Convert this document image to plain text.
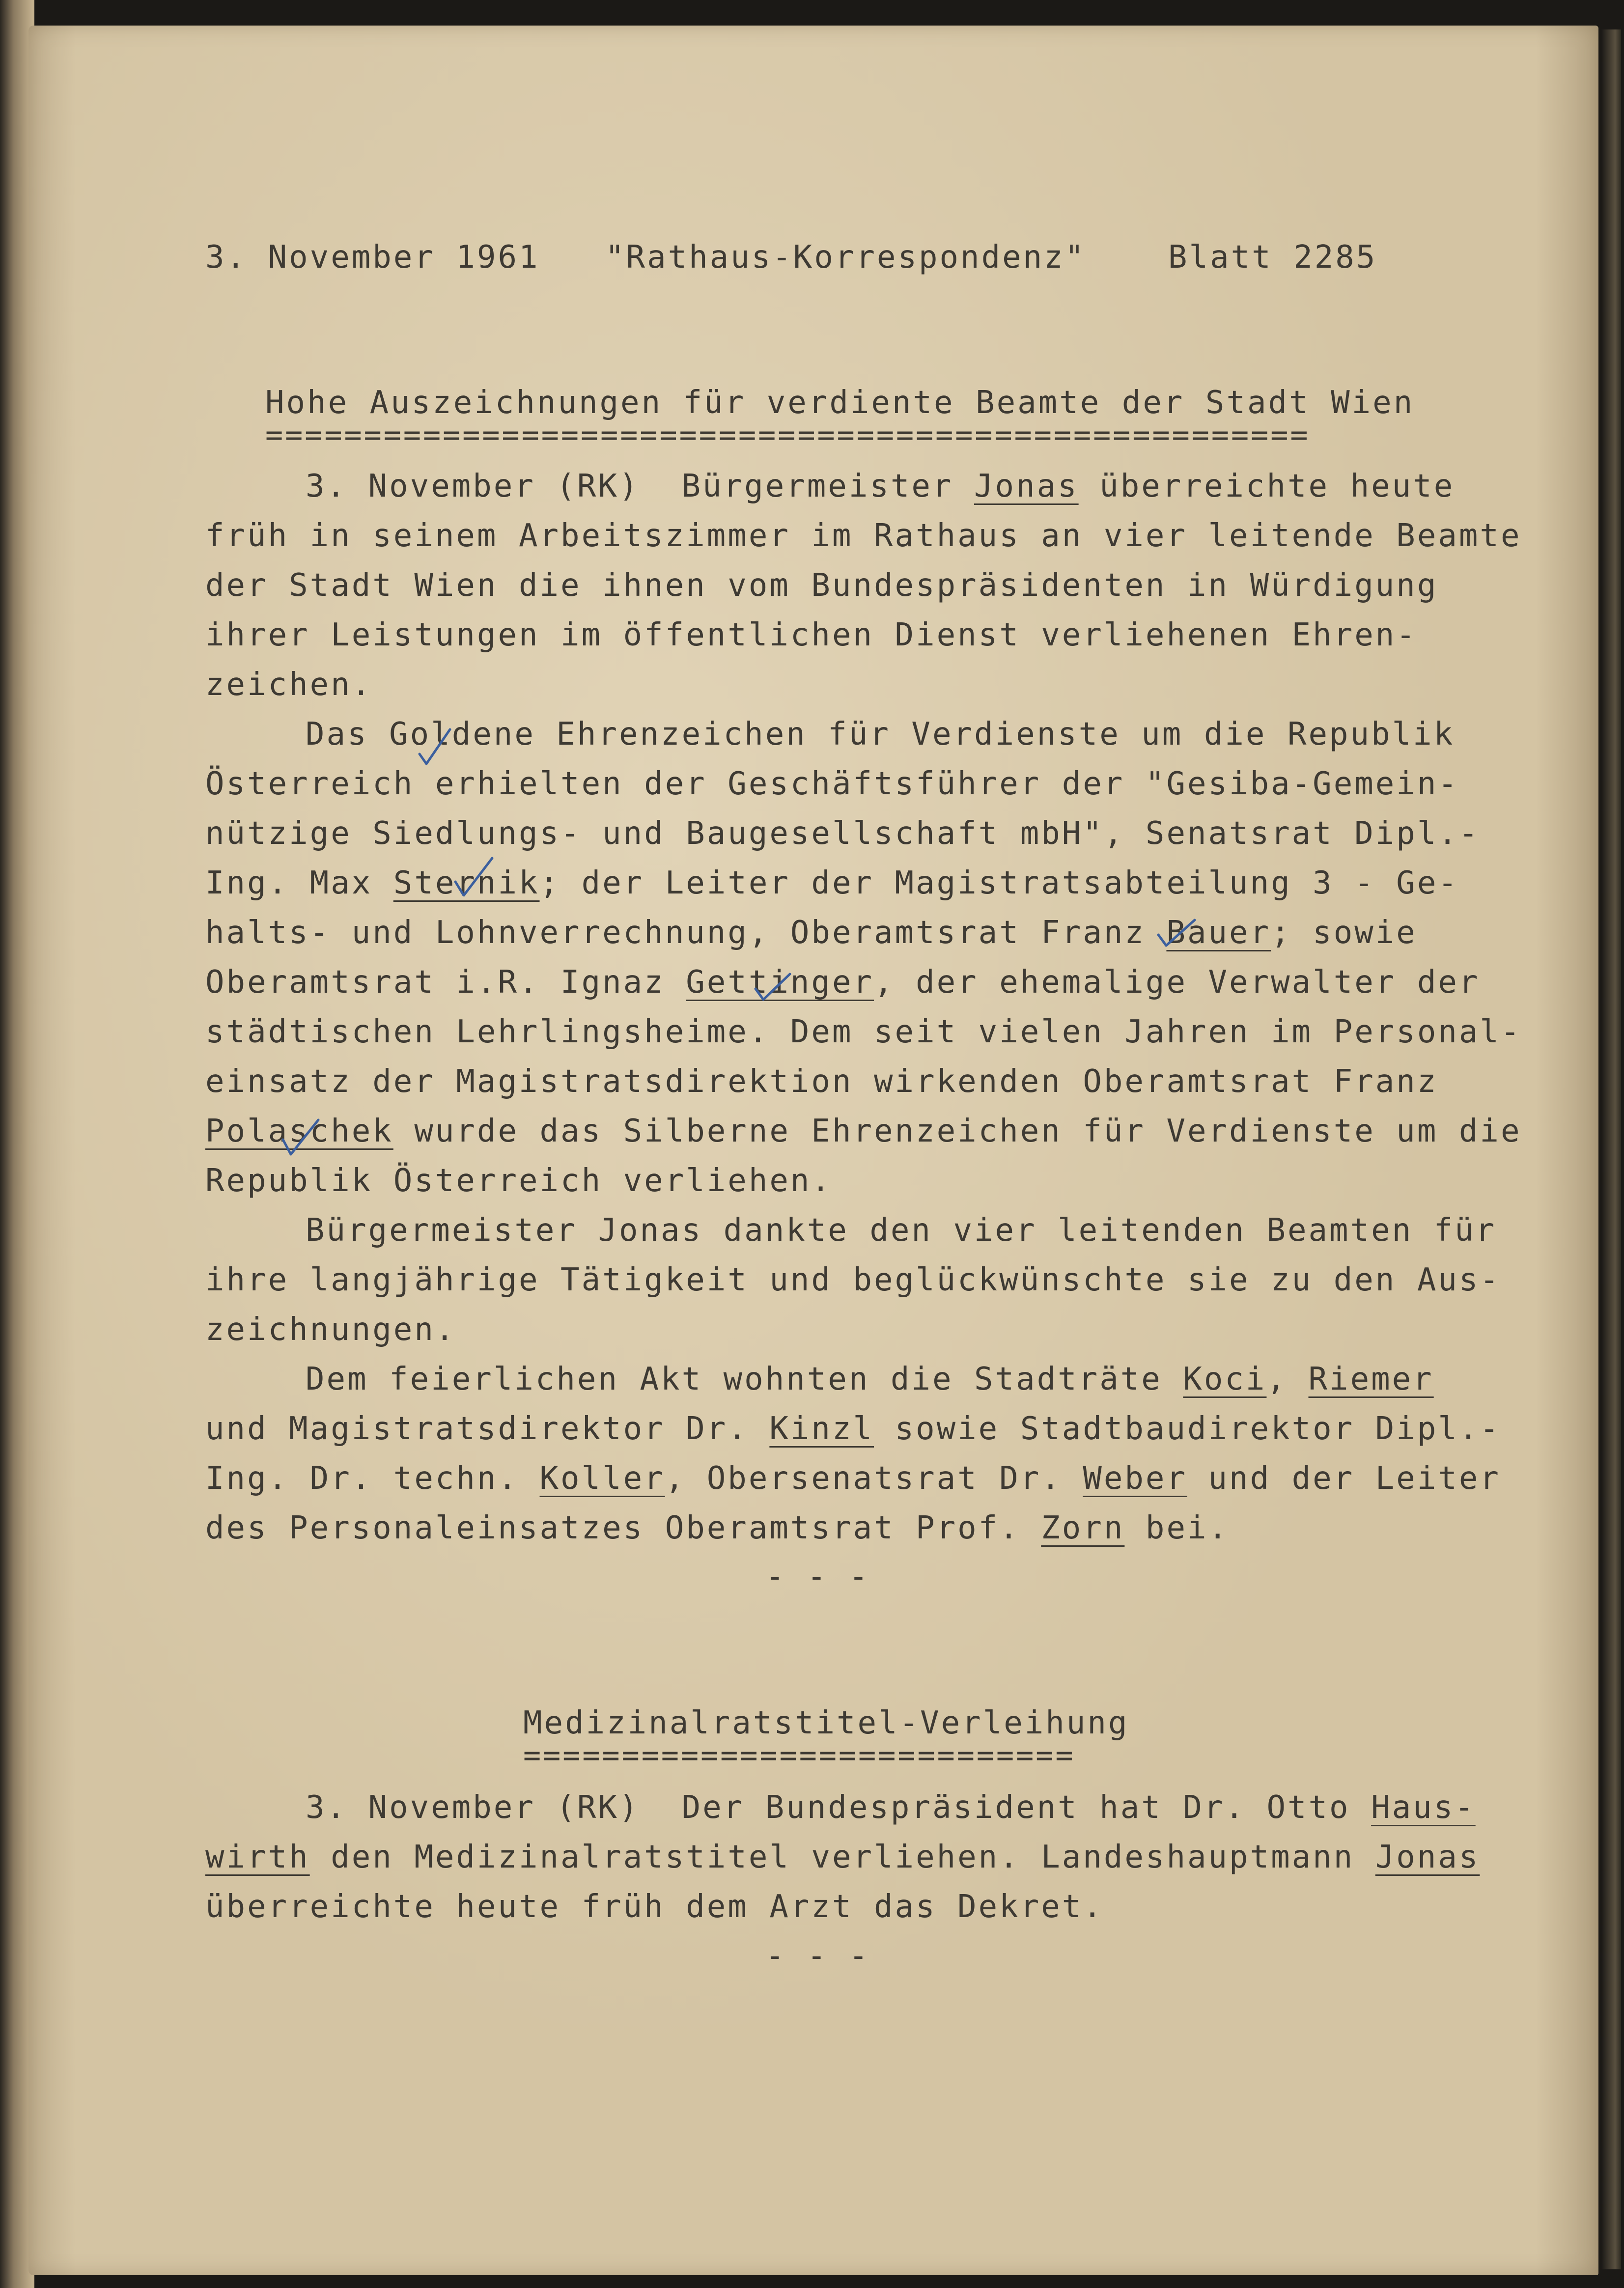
3. November 1961 "Rathaus-Korrespondenz"	Blatt 2285
Hohe Auszeichnungen für verdiente Beamte der Stadt Wien
=====================================================
3. November (RK)  Bürgermeister Jonas überreichte heute
früh in seinem Arbeitszimmer im Rathaus an vier leitende Beamte
der Stadt Wien die ihnen vom Bundespräsidenten in Würdigung
ihrer Leistungen im öffentlichen Dienst verliehenen Ehren-
zeichen.
Das Goldene Ehrenzeichen für Verdienste um die Republik
Österreich erhielten der Geschäftsführer der "Gesiba-Gemein-
nützige Siedlungs- und Baugesellschaft mbH", Senatsrat Dipl.-
Ing. Max Sternik; der Leiter der Magistratsabteilung 3 - Ge-
halts- und Lohnverrechnung, Oberamtsrat Franz Bauer; sowie
Oberamtsrat i.R. Ignaz Gettinger, der ehemalige Verwalter der
städtischen Lehrlingsheime. Dem seit vielen Jahren im Personal-
einsatz der Magistratsdirektion wirkenden Oberamtsrat Franz
Polaschek wurde das Silberne Ehrenzeichen für Verdienste um die
Republik Österreich verliehen.
Bürgermeister Jonas dankte den vier leitenden Beamten für
ihre langjährige Tätigkeit und beglückwünschte sie zu den Aus-
zeichnungen.
Dem feierlichen Akt wohnten die Stadträte Koci, Riemer
und Magistratsdirektor Dr. Kinzl sowie Stadtbaudirektor Dipl.-
Ing. Dr. techn. Koller, Obersenatsrat Dr. Weber und der Leiter
des Personaleinsatzes Oberamtsrat Prof. Zorn bei.
- - -
Medizinalratstitel-Verleihung
============================
3. November (RK)  Der Bundespräsident hat Dr. Otto Haus-
wirth den Medizinalratstitel verliehen. Landeshauptmann Jonas
überreichte heute früh dem Arzt das Dekret.
- - -
